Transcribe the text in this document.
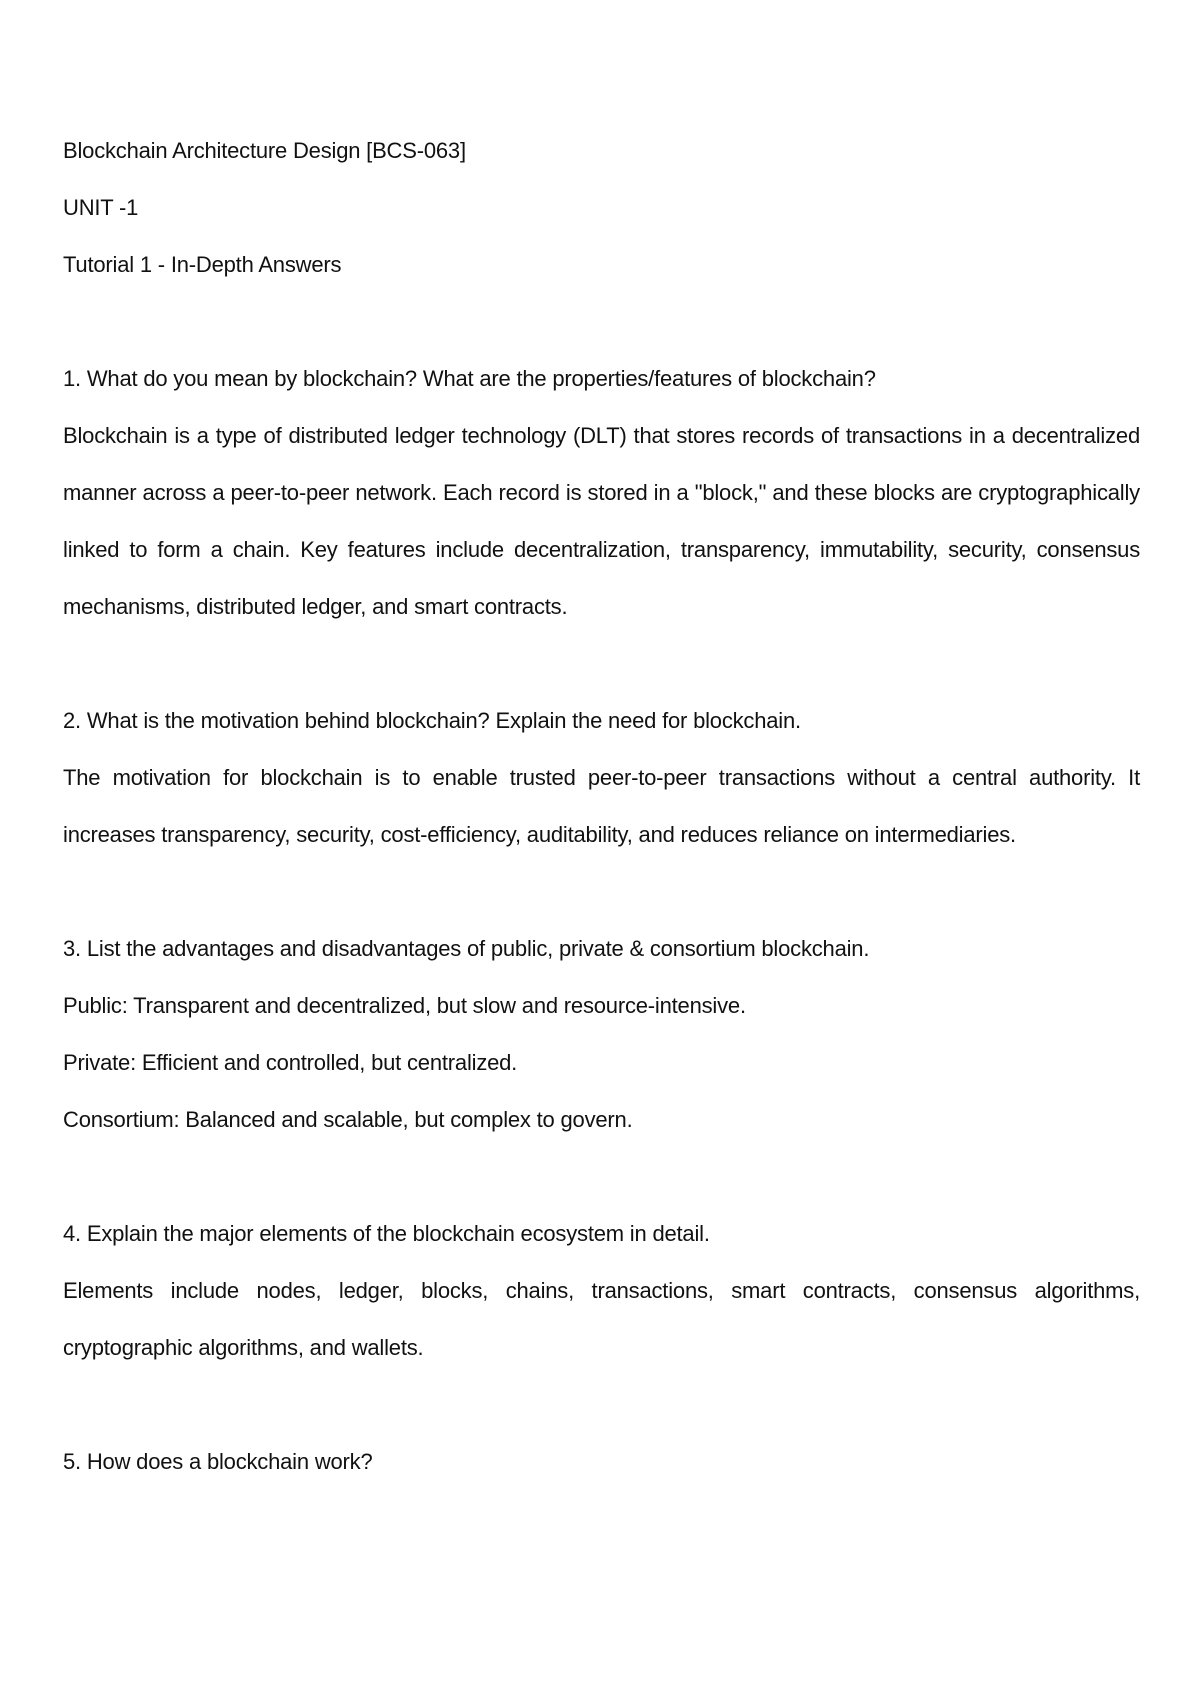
Blockchain Architecture Design [BCS-063]
UNIT -1
Tutorial 1 - In-Depth Answers
1. What do you mean by blockchain? What are the properties/features of blockchain?
Blockchain is a type of distributed ledger technology (DLT) that stores records of transactions in a decentralized manner across a peer-to-peer network. Each record is stored in a "block," and these blocks are cryptographically linked to form a chain. Key features include decentralization, transparency, immutability, security, consensus mechanisms, distributed ledger, and smart contracts.
2. What is the motivation behind blockchain? Explain the need for blockchain.
The motivation for blockchain is to enable trusted peer-to-peer transactions without a central authority. It increases transparency, security, cost-efficiency, auditability, and reduces reliance on intermediaries.
3. List the advantages and disadvantages of public, private & consortium blockchain.
Public: Transparent and decentralized, but slow and resource-intensive.
Private: Efficient and controlled, but centralized.
Consortium: Balanced and scalable, but complex to govern.
4. Explain the major elements of the blockchain ecosystem in detail.
Elements include nodes, ledger, blocks, chains, transactions, smart contracts, consensus algorithms, cryptographic algorithms, and wallets.
5. How does a blockchain work?
